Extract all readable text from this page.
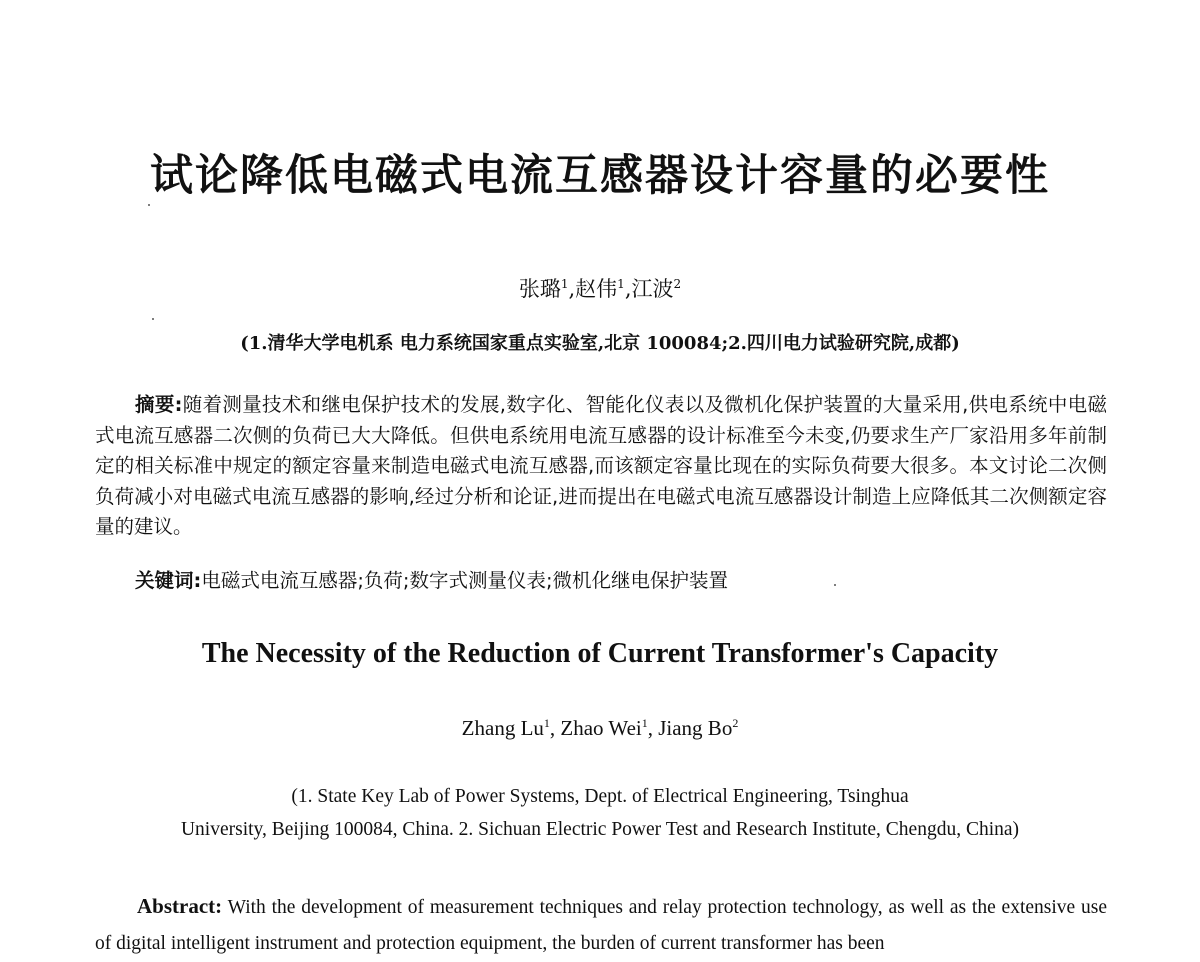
试论降低电磁式电流互感器设计容量的必要性
张璐$^1$,赵伟$^1$,江波$^2$
(1.清华大学电机系 电力系统国家重点实验室,北京 100084;2.四川电力试验研究院,成都)
摘要:随着测量技术和继电保护技术的发展,数字化、智能化仪表以及微机化保护装置的大量采用,供电系统中电磁式电流互感器二次侧的负荷已大大降低。但供电系统用电流互感器的设计标准至今未变,仍要求生产厂家沿用多年前制定的相关标准中规定的额定容量来制造电磁式电流互感器,而该额定容量比现在的实际负荷要大很多。本文讨论二次侧负荷减小对电磁式电流互感器的影响,经过分析和论证,进而提出在电磁式电流互感器设计制造上应降低其二次侧额定容量的建议。
关键词:电磁式电流互感器;负荷;数字式测量仪表;微机化继电保护装置
The Necessity of the Reduction of Current Transformer's Capacity
Zhang Lu$^1$, Zhao Wei$^1$, Jiang Bo$^2$
(1. State Key Lab of Power Systems, Dept. of Electrical Engineering, Tsinghua
University, Beijing 100084, China. 2. Sichuan Electric Power Test and Research Institute, Chengdu, China)
Abstract: With the development of measurement techniques and relay protection technology, as well as the extensive use of digital intelligent instrument and protection equipment, the burden of current transformer has been
